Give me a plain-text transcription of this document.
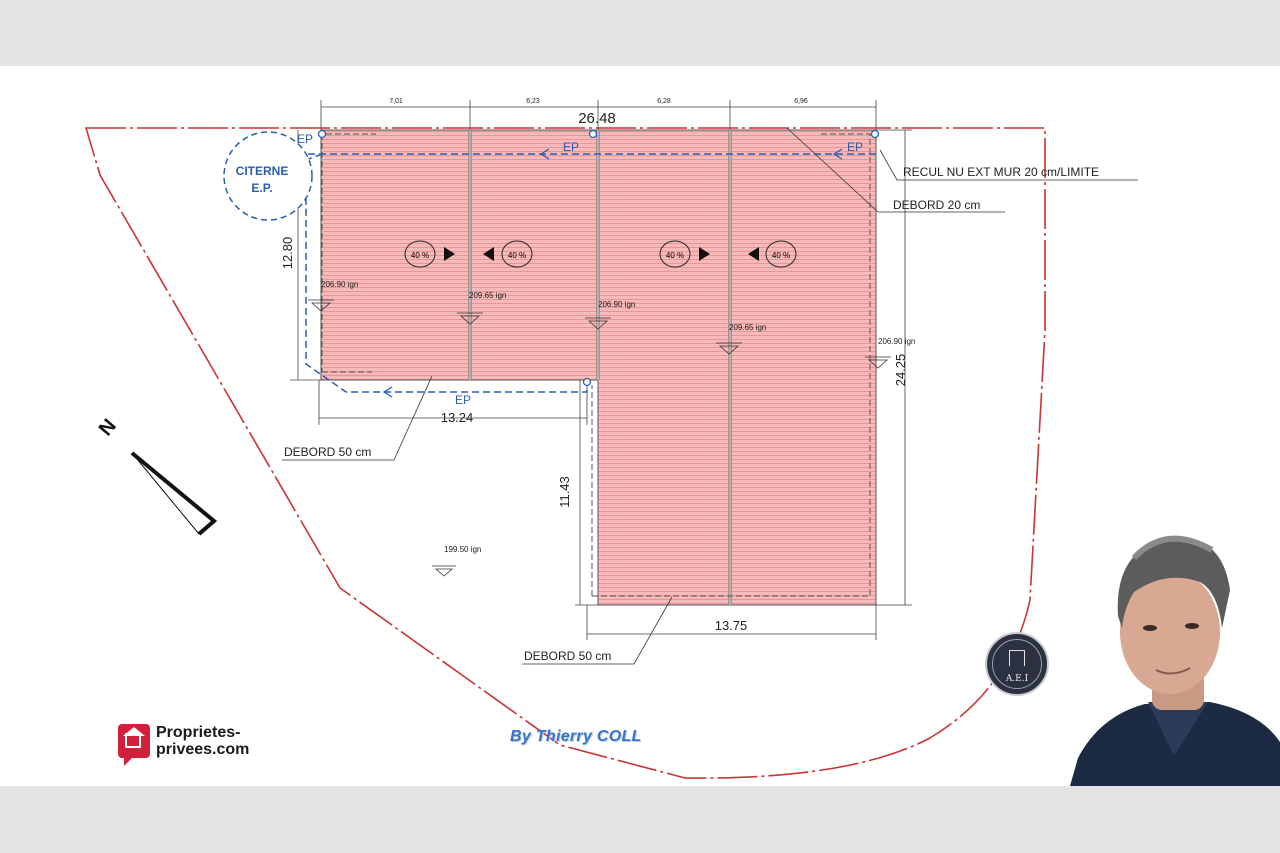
7,01	6,23	6,28	6,96
26.48
12.80
13.24
11.43
13.75
24.25
EP
EP	EP
EP
CITERNE
E.P.
40 %	40 %	40 %	40 %
206.90 ign
209.65 ign
206.90 ign
209.65 ign
206.90 ign
199.50 ign
RECUL NU EXT MUR 20 cm/LIMITE
DEBORD 20 cm
DEBORD 50 cm
DEBORD 50 cm
N
Proprietes-
privees.com
By Thierry COLL
A.E.I
